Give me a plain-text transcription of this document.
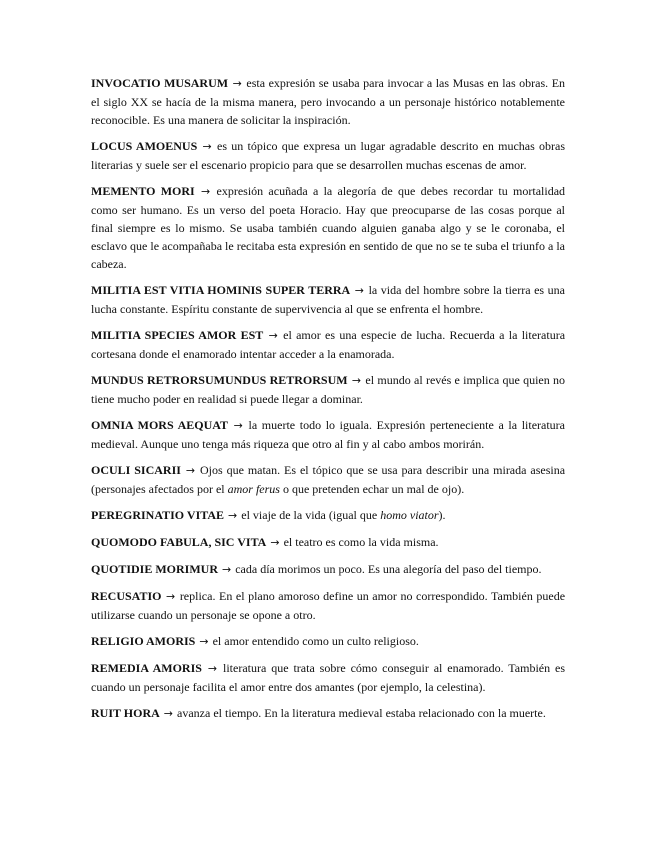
INVOCATIO MUSARUM → esta expresión se usaba para invocar a las Musas en las obras. En el siglo XX se hacía de la misma manera, pero invocando a un personaje histórico notablemente reconocible. Es una manera de solicitar la inspiración.

LOCUS AMOENUS → es un tópico que expresa un lugar agradable descrito en muchas obras literarias y suele ser el escenario propicio para que se desarrollen muchas escenas de amor.

MEMENTO MORI → expresión acuñada a la alegoría de que debes recordar tu mortalidad como ser humano. Es un verso del poeta Horacio. Hay que preocuparse de las cosas porque al final siempre es lo mismo. Se usaba también cuando alguien ganaba algo y se le coronaba, el esclavo que le acompañaba le recitaba esta expresión en sentido de que no se te suba el triunfo a la cabeza.

MILITIA EST VITIA HOMINIS SUPER TERRA → la vida del hombre sobre la tierra es una lucha constante. Espíritu constante de supervivencia al que se enfrenta el hombre.

MILITIA SPECIES AMOR EST → el amor es una especie de lucha. Recuerda a la literatura cortesana donde el enamorado intentar acceder a la enamorada.

MUNDUS RETRORSUMUNDUS RETRORSUM → el mundo al revés e implica que quien no tiene mucho poder en realidad si puede llegar a dominar.

OMNIA MORS AEQUAT → la muerte todo lo iguala. Expresión perteneciente a la literatura medieval. Aunque uno tenga más riqueza que otro al fin y al cabo ambos morirán.

OCULI SICARII → Ojos que matan. Es el tópico que se usa para describir una mirada asesina (personajes afectados por el amor ferus o que pretenden echar un mal de ojo).

PEREGRINATIO VITAE → el viaje de la vida (igual que homo viator).

QUOMODO FABULA, SIC VITA → el teatro es como la vida misma.

QUOTIDIE MORIMUR → cada día morimos un poco. Es una alegoría del paso del tiempo.

RECUSATIO → replica. En el plano amoroso define un amor no correspondido. También puede utilizarse cuando un personaje se opone a otro.

RELIGIO AMORIS → el amor entendido como un culto religioso.

REMEDIA AMORIS → literatura que trata sobre cómo conseguir al enamorado. También es cuando un personaje facilita el amor entre dos amantes (por ejemplo, la celestina).

RUIT HORA → avanza el tiempo. En la literatura medieval estaba relacionado con la muerte.
